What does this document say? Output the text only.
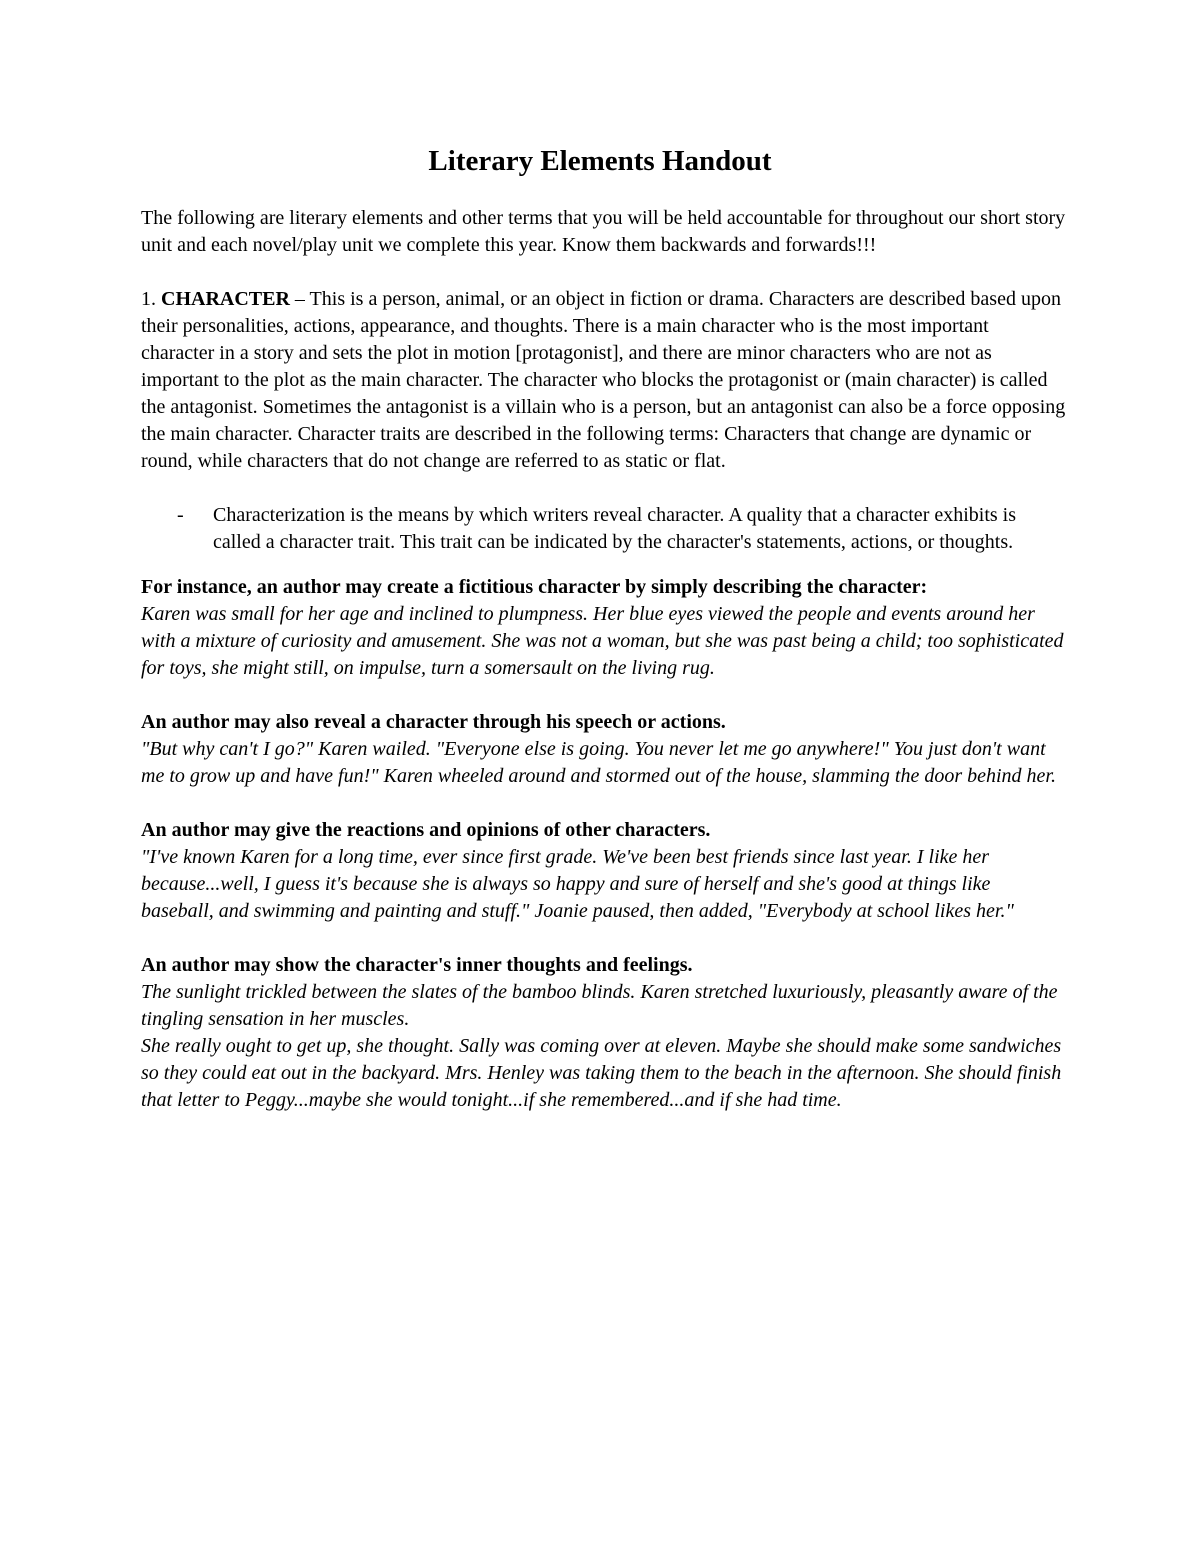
Literary Elements Handout

The following are literary elements and other terms that you will be held accountable for throughout our short story unit and each novel/play unit we complete this year. Know them backwards and forwards!!!

1. CHARACTER – This is a person, animal, or an object in fiction or drama. Characters are described based upon their personalities, actions, appearance, and thoughts. There is a main character who is the most important character in a story and sets the plot in motion [protagonist], and there are minor characters who are not as important to the plot as the main character. The character who blocks the protagonist or (main character) is called the antagonist. Sometimes the antagonist is a villain who is a person, but an antagonist can also be a force opposing the main character. Character traits are described in the following terms: Characters that change are dynamic or round, while characters that do not change are referred to as static or flat.

- Characterization is the means by which writers reveal character. A quality that a character exhibits is called a character trait. This trait can be indicated by the character's statements, actions, or thoughts.

For instance, an author may create a fictitious character by simply describing the character:

Karen was small for her age and inclined to plumpness. Her blue eyes viewed the people and events around her with a mixture of curiosity and amusement. She was not a woman, but she was past being a child; too sophisticated for toys, she might still, on impulse, turn a somersault on the living rug.

An author may also reveal a character through his speech or actions.

"But why can't I go?" Karen wailed. "Everyone else is going. You never let me go anywhere!" You just don't want me to grow up and have fun!" Karen wheeled around and stormed out of the house, slamming the door behind her.

An author may give the reactions and opinions of other characters.

"I've known Karen for a long time, ever since first grade. We've been best friends since last year. I like her because...well, I guess it's because she is always so happy and sure of herself and she's good at things like baseball, and swimming and painting and stuff." Joanie paused, then added, "Everybody at school likes her."

An author may show the character's inner thoughts and feelings.

The sunlight trickled between the slates of the bamboo blinds. Karen stretched luxuriously, pleasantly aware of the tingling sensation in her muscles.

She really ought to get up, she thought. Sally was coming over at eleven. Maybe she should make some sandwiches so they could eat out in the backyard. Mrs. Henley was taking them to the beach in the afternoon. She should finish that letter to Peggy...maybe she would tonight...if she remembered...and if she had time.
